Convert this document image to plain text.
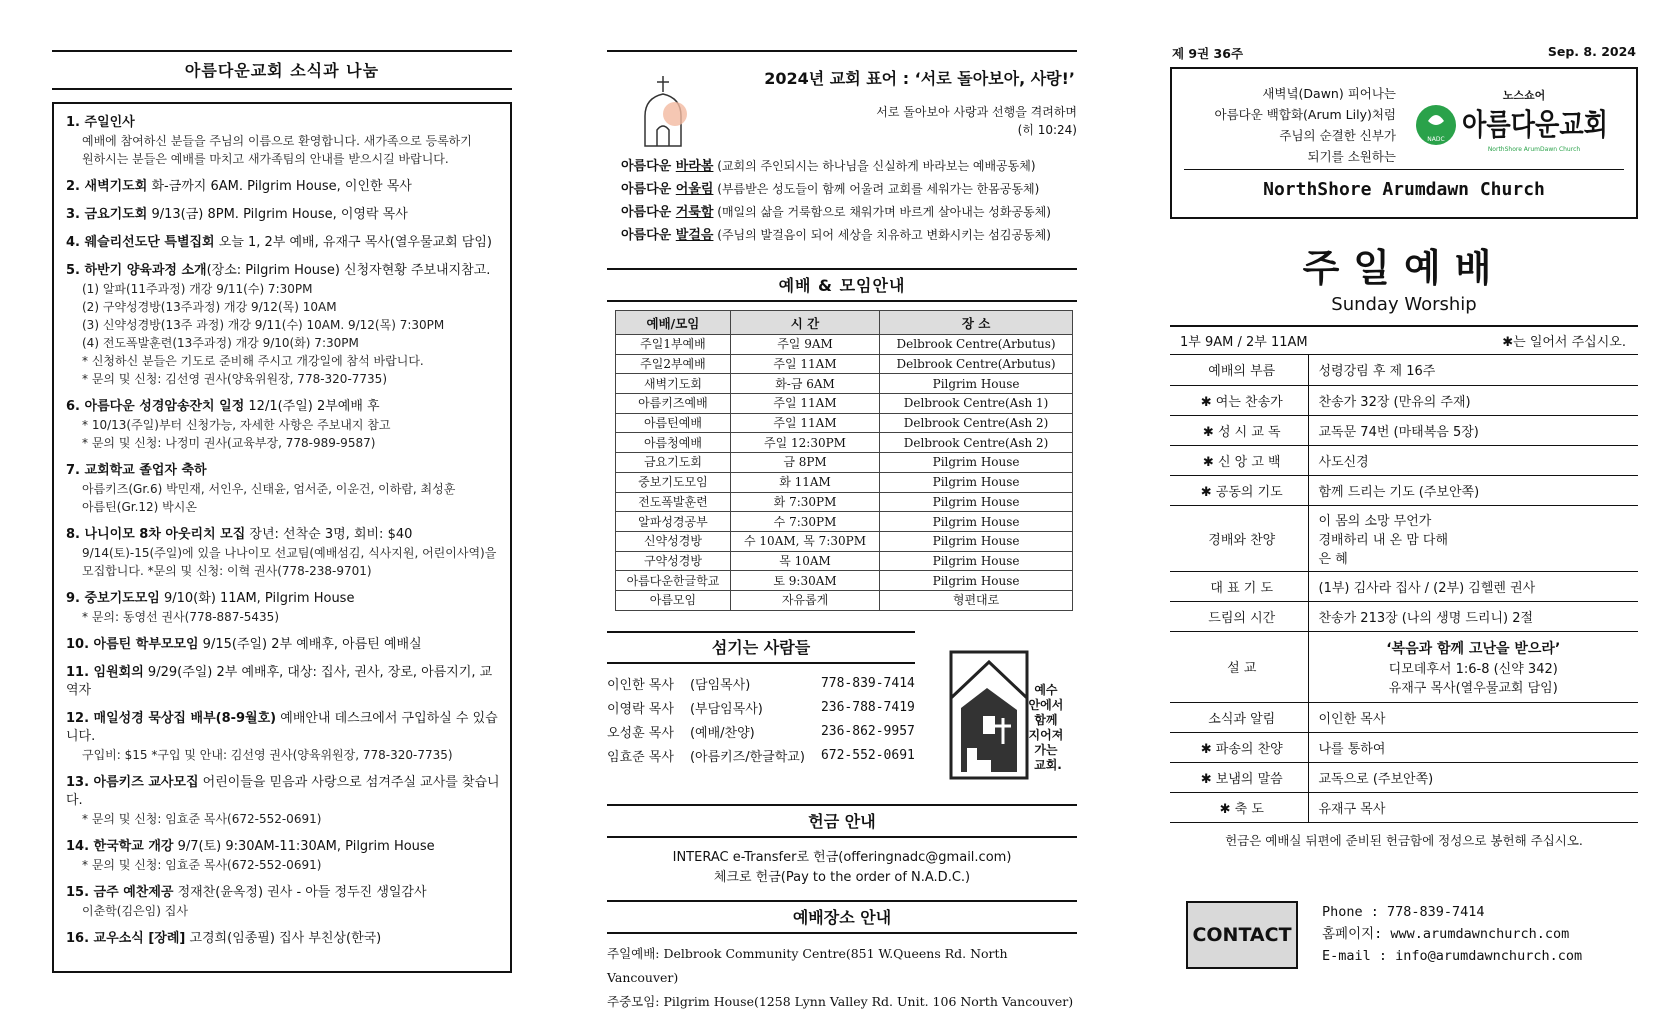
아름다운교회 소식과 나눔
1. 주일인사
예배에 참여하신 분들을 주님의 이름으로 환영합니다. 새가족으로 등록하기
원하시는 분들은 예배를 마치고 새가족팀의 안내를 받으시길 바랍니다.
2. 새벽기도회 화-금까지 6AM. Pilgrim House, 이인한 목사
3. 금요기도회 9/13(금) 8PM. Pilgrim House, 이영락 목사
4. 웨슬리선도단 특별집회 오늘 1, 2부 예배, 유재구 목사(열우물교회 담임)
5. 하반기 양육과정 소개(장소: Pilgrim House) 신청자현황 주보내지참고.
(1) 알파(11주과정) 개강 9/11(수) 7:30PM
(2) 구약성경방(13주과정) 개강 9/12(목) 10AM
(3) 신약성경방(13주 과정) 개강 9/11(수) 10AM. 9/12(목) 7:30PM
(4) 전도폭발훈련(13주과정) 개강 9/10(화) 7:30PM
* 신청하신 분들은 기도로 준비해 주시고 개강일에 참석 바랍니다.
* 문의 및 신청: 김선영 권사(양육위원장, 778-320-7735)
6. 아름다운 성경암송잔치 일정 12/1(주일) 2부예배 후
* 10/13(주일)부터 신청가능, 자세한 사항은 주보내지 참고
* 문의 및 신청: 나정미 권사(교육부장, 778-989-9587)
7. 교회학교 졸업자 축하
아름키즈(Gr.6) 박민재, 서인우, 신태윤, 엄서준, 이운건, 이하람, 최성훈
아름틴(Gr.12) 박시온
8. 나니이모 8차 아웃리치 모집 장년: 선착순 3명, 회비: $40
9/14(토)-15(주일)에 있을 나나이모 선교팀(예배섬김, 식사지원, 어린이사역)을
모집합니다. *문의 및 신청: 이혁 권사(778-238-9701)
9. 중보기도모임 9/10(화) 11AM, Pilgrim House
* 문의: 동영선 권사(778-887-5435)
10. 아름틴 학부모모임 9/15(주일) 2부 예배후, 아름틴 예배실
11. 임원회의 9/29(주일) 2부 예배후, 대상: 집사, 권사, 장로, 아름지기, 교역자
12. 매일성경 묵상집 배부(8-9월호) 예배안내 데스크에서 구입하실 수 있습니다.
구입비: $15 *구입 및 안내: 김선영 권사(양육위원장, 778-320-7735)
13. 아름키즈 교사모집 어린이들을 믿음과 사랑으로 섬겨주실 교사를 찾습니다.
* 문의 및 신청: 임효준 목사(672-552-0691)
14. 한국학교 개강 9/7(토) 9:30AM-11:30AM, Pilgrim House
* 문의 및 신청: 임효준 목사(672-552-0691)
15. 금주 예찬제공 정재찬(윤옥정) 권사 - 아들 정두진 생일감사
이춘학(김은임) 집사
16. 교우소식 [장례] 고경희(임종필) 집사 부친상(한국)
2024년 교회 표어 : ‘서로 돌아보아, 사랑!’
서로 돌아보아 사랑과 선행을 격려하며
(히 10:24)
아름다운 바라봄 (교회의 주인되시는 하나님을 신실하게 바라보는 예배공동체)
아름다운 어울림 (부름받은 성도들이 함께 어울려 교회를 세워가는 한몸공동체)
아름다운 거룩함 (매일의 삶을 거룩함으로 채워가며 바르게 살아내는 성화공동체)
아름다운 발걸음 (주님의 발걸음이 되어 세상을 치유하고 변화시키는 섬김공동체)
예배 & 모임안내
예배/모임	시 간	장 소
주일1부예배	주일 9AM	Delbrook Centre(Arbutus)
주일2부예배	주일 11AM	Delbrook Centre(Arbutus)
새벽기도회	화-금 6AM	Pilgrim House
아름키즈예배	주일 11AM	Delbrook Centre(Ash 1)
아름틴예배	주일 11AM	Delbrook Centre(Ash 2)
아름청예배	주일 12:30PM	Delbrook Centre(Ash 2)
금요기도회	금 8PM	Pilgrim House
중보기도모임	화 11AM	Pilgrim House
전도폭발훈련	화 7:30PM	Pilgrim House
알파성경공부	수 7:30PM	Pilgrim House
신약성경방	수 10AM, 목 7:30PM	Pilgrim House
구약성경방	목 10AM	Pilgrim House
아름다운한글학교	토 9:30AM	Pilgrim House
아름모임	자유롭게	형편대로
섬기는 사람들
이인한 목사	(담임목사)	778-839-7414
이영락 목사	(부담임목사)	236-788-7419
오성훈 목사	(예배/찬양)	236-862-9957
임효준 목사	(아름키즈/한글학교)	672-552-0691
예수 안에서 함께 지어져 가는 교회.
헌금 안내
INTERAC e-Transfer로 헌금(offeringnadc@gmail.com)
체크로 헌금(Pay to the order of N.A.D.C.)
예배장소 안내
주일예배: Delbrook Community Centre(851 W.Queens Rd. North Vancouver)
주중모임: Pilgrim House(1258 Lynn Valley Rd. Unit. 106 North Vancouver)
제 9권 36주	Sep. 8. 2024
새벽녘(Dawn) 피어나는
아름다운 백합화(Arum Lily)처럼
주님의 순결한 신부가
되기를 소원하는
NADC
노스쇼어
아름다운교회
NorthShore ArumDawn Church
NorthShore Arumdawn Church
주일예배
Sunday Worship
1부 9AM / 2부 11AM	✱는 일어서 주십시오.
예배의 부름	성령강림 후 제 16주

✱ 여는 찬송가	찬송가 32장 (만유의 주재)

✱ 성 시 교 독	교독문 74번 (마태복음 5장)

✱ 신 앙 고 백	사도신경

✱ 공동의 기도	함께 드리는 기도 (주보안쪽)

경배와 찬양	이 몸의 소망 무언가
경배하리 내 온 맘 다해
은 혜

대 표 기 도	(1부) 김사라 집사 / (2부) 김헬렌 권사

드림의 시간	찬송가 213장 (나의 생명 드리니) 2절

설 교	‘복음과 함께 고난을 받으라’
디모데후서 1:6-8 (신약 342)
유재구 목사(열우물교회 담임)

소식과 알림	이인한 목사

✱ 파송의 찬양	나를 통하여

✱ 보냄의 말씀	교독으로 (주보안쪽)

✱ 축 도	유재구 목사
헌금은 예배실 뒤편에 준비된 헌금함에 정성으로 봉헌해 주십시오.
CONTACT
Phone : 778-839-7414
홈페이지: www.arumdawnchurch.com
E-mail : info@arumdawnchurch.com
